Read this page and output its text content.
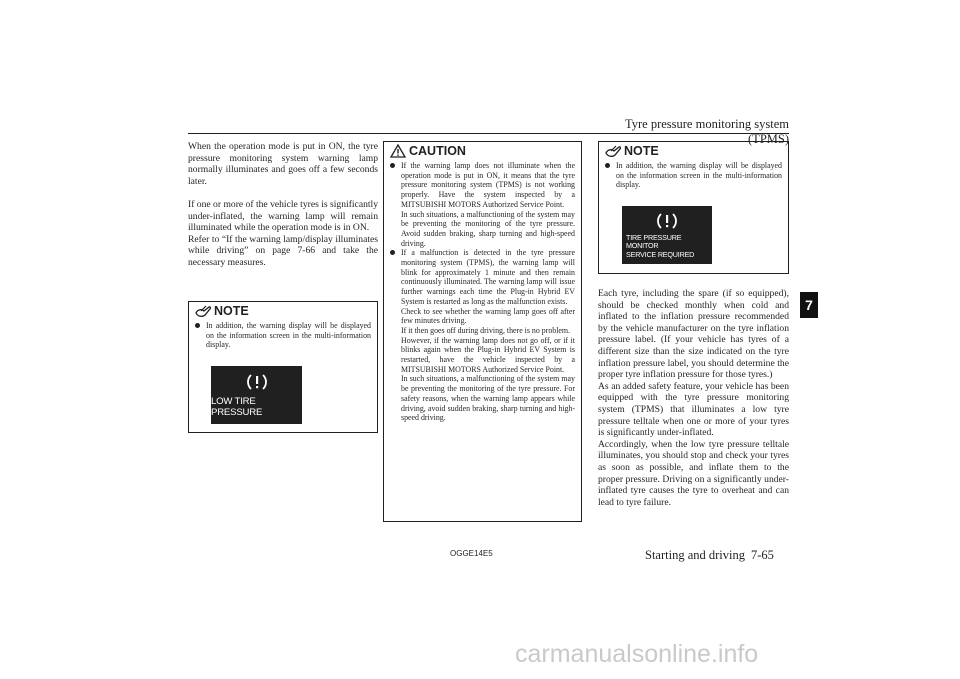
Tyre pressure monitoring system (TPMS)
7

When the operation mode is put in ON, the tyre pressure monitoring system warning lamp normally illuminates and goes off a few seconds later.

If one or more of the vehicle tyres is significantly under-inflated, the warning lamp will remain illuminated while the operation mode is in ON.

Refer to “If the warning lamp/display illuminates while driving” on page 7-66 and take the necessary measures.

NOTE

In addition, the warning display will be displayed on the information screen in the multi-information display.

LOW TIRE PRESSURE
CAUTION

If the warning lamp does not illuminate when the operation mode is put in ON, it means that the tyre pressure monitoring system (TPMS) is not working properly. Have the system inspected by a MITSUBISHI MOTORS Authorized Service Point.

In such situations, a malfunctioning of the system may be preventing the monitoring of the tyre pressure. Avoid sudden braking, sharp turning and high-speed driving.

If a malfunction is detected in the tyre pressure monitoring system (TPMS), the warning lamp will blink for approximately 1 minute and then remain continuously illuminated. The warning lamp will issue further warnings each time the Plug-in Hybrid EV System is restarted as long as the malfunction exists.

Check to see whether the warning lamp goes off after few minutes driving.

If it then goes off during driving, there is no problem.

However, if the warning lamp does not go off, or if it blinks again when the Plug-in Hybrid EV System is restarted, have the vehicle inspected by a MITSUBISHI MOTORS Authorized Service Point.

In such situations, a malfunctioning of the system may be preventing the monitoring of the tyre pressure. For safety reasons, when the warning lamp appears while driving, avoid sudden braking, sharp turning and high-speed driving.

NOTE

In addition, the warning display will be displayed on the information screen in the multi-information display.

TIRE PRESSURE MONITOR
SERVICE REQUIRED

Each tyre, including the spare (if so equipped), should be checked monthly when cold and inflated to the inflation pressure recommended by the vehicle manufacturer on the tyre inflation pressure label. (If your vehicle has tyres of a different size than the size indicated on the tyre inflation pressure label, you should determine the proper tyre inflation pressure for those tyres.)

As an added safety feature, your vehicle has been equipped with the tyre pressure monitoring system (TPMS) that illuminates a low tyre pressure telltale when one or more of your tyres is significantly under-inflated.

Accordingly, when the low tyre pressure telltale illuminates, you should stop and check your tyres as soon as possible, and inflate them to the proper pressure. Driving on a significantly under-inflated tyre causes the tyre to overheat and can lead to tyre failure.

OGGE14E5	Starting and driving 7-65
carmanualsonline.info
